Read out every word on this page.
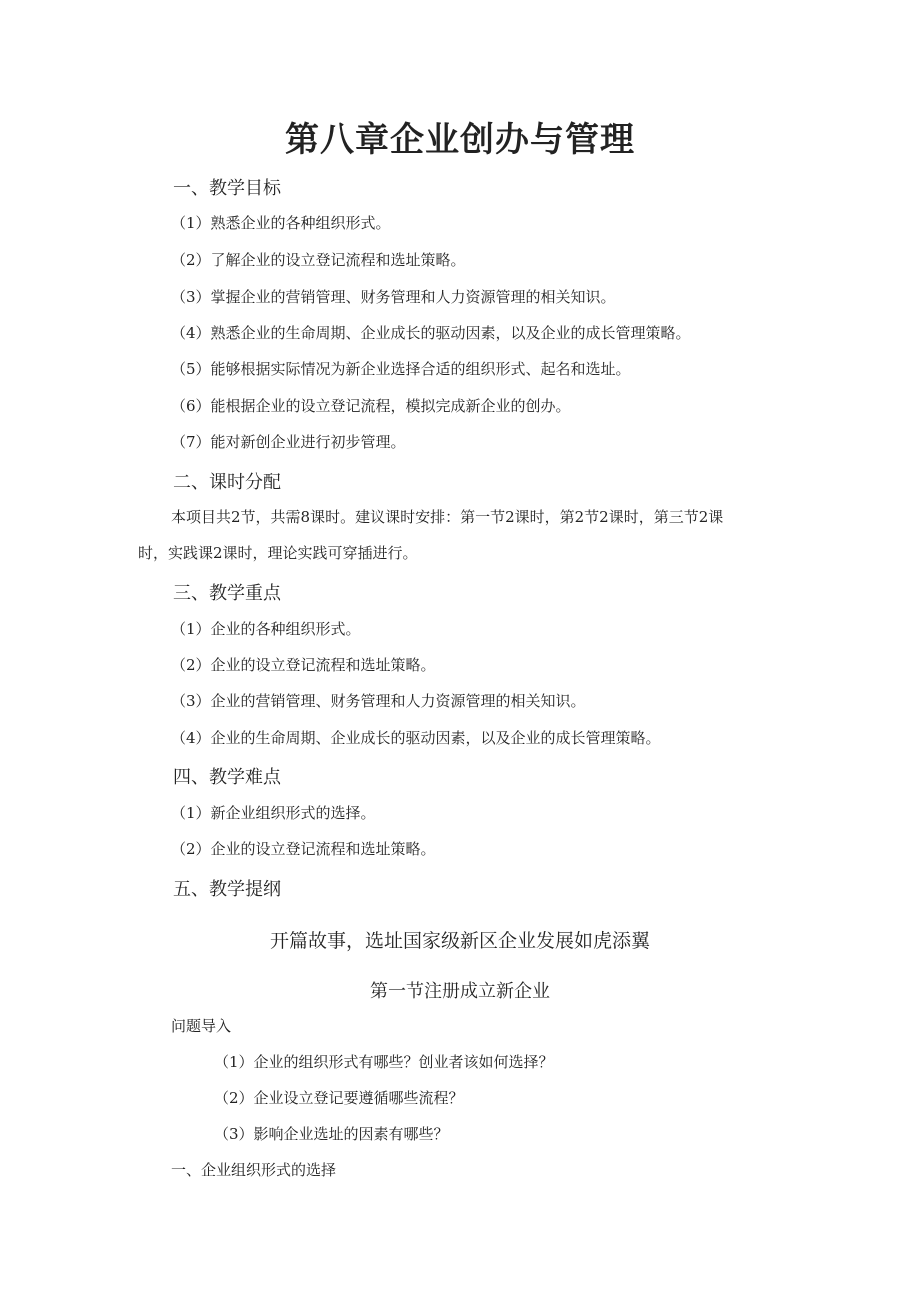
第八章企业创办与管理
一、教学目标
（1）熟悉企业的各种组织形式。
（2）了解企业的设立登记流程和选址策略。
（3）掌握企业的营销管理、财务管理和人力资源管理的相关知识。
（4）熟悉企业的生命周期、企业成长的驱动因素，以及企业的成长管理策略。
（5）能够根据实际情况为新企业选择合适的组织形式、起名和选址。
（6）能根据企业的设立登记流程，模拟完成新企业的创办。
（7）能对新创企业进行初步管理。
二、课时分配
本项目共2节，共需8课时。建议课时安排：第一节2课时，第2节2课时，第三节2课
时，实践课2课时，理论实践可穿插进行。
三、教学重点
（1）企业的各种组织形式。
（2）企业的设立登记流程和选址策略。
（3）企业的营销管理、财务管理和人力资源管理的相关知识。
（4）企业的生命周期、企业成长的驱动因素，以及企业的成长管理策略。
四、教学难点
（1）新企业组织形式的选择。
（2）企业的设立登记流程和选址策略。
五、教学提纲
开篇故事，选址国家级新区企业发展如虎添翼
第一节注册成立新企业
问题导入
（1）企业的组织形式有哪些？创业者该如何选择？
（2）企业设立登记要遵循哪些流程？
（3）影响企业选址的因素有哪些？
一、企业组织形式的选择
